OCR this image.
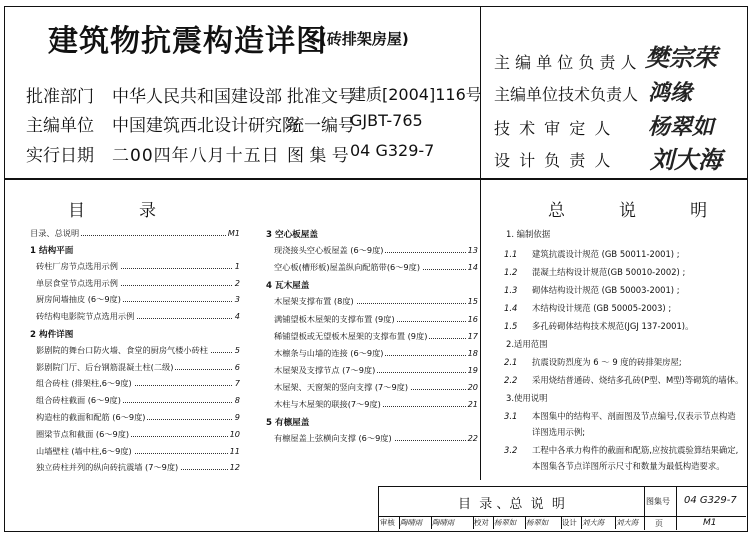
建筑物抗震构造详图
(砖排架房屋)
批准部门 中华人民共和国建设部 批准文号
建质[2004]116号
主编单位 中国建筑西北设计研究院
统一编号
GJBT-765
实行日期 二00四年八月十五日 图 集 号 04 G329-7
主 编 单 位 负 责 人 樊宗荣
主编单位技术负责人 鸿缘
技 术 审 定 人 杨翠如
设 计 负 责 人 刘大海
目          录	总          说          明
目录、总说明	M1
1 结构平面
砖柱厂房节点选用示例	1
单层食堂节点选用示例	2
厨房间墙抽皮 (6～9度)	3
砖结构电影院节点选用示例	4
2 构件详图
影剧院的舞台口防火墙、食堂的厨房气楼小砖柱	5
影剧院门厅、后台钢筋混凝土柱(二级)	6
组合砖柱 (排架柱,6～9度)	7
组合砖柱截面 (6～9度)	8
构造柱的截面和配筋 (6～9度)	9
圈梁节点和截面 (6～9度)	10
山墙壁柱 (墙中柱,6～9度)	11
独立砖柱并列的纵向砖抗震墙 (7～9度)	12
3 空心板屋盖
现浇接头空心板屋盖 (6～9度)	13
空心板(槽形板)屋盖纵向配筋带(6～9度)	14
4 瓦木屋盖
木屋架支撑布置 (8度)	15
满铺望板木屋架的支撑布置 (9度)	16
稀铺望板或无望板木屋架的支撑布置 (9度)	17
木檩条与山墙的连接 (6～9度)	18
木屋架及支撑节点 (7～9度)	19
木屋架、天窗架的竖向支撑 (7～9度)	20
木柱与木屋架的联接(7～9度)	21
5 有檩屋盖
有檩屋盖上弦横向支撑 (6～9度)	22
1. 编制依据
1.1 建筑抗震设计规范 (GB 50011-2001) ;
1.2 混凝土结构设计规范(GB 50010-2002) ;
1.3 砌体结构设计规范 (GB 50003-2001) ;
1.4 木结构设计规范 (GB 50005-2003) ;
1.5 多孔砖砌体结构技术规范(JGJ 137-2001)。
2.适用范围
2.1 抗震设防烈度为 6 ～ 9 度的砖排架房屋;
2.2 采用烧结普通砖、烧结多孔砖(P型、M型)等砌筑的墙体。
3.使用说明
3.1 本图集中的结构平、剖面图及节点编号,仅表示节点构造
详图选用示例;
3.2 工程中各承力构件的截面和配筋,应按抗震验算结果确定,
本图集各节点详图所示尺寸和数量为最低构造要求。
目  录 、总  说  明	图集号 04 G329-7
页	M1
审核 陶晴雨	陶晴雨	校对 杨翠如	杨翠如	设计 刘大海	刘大海
